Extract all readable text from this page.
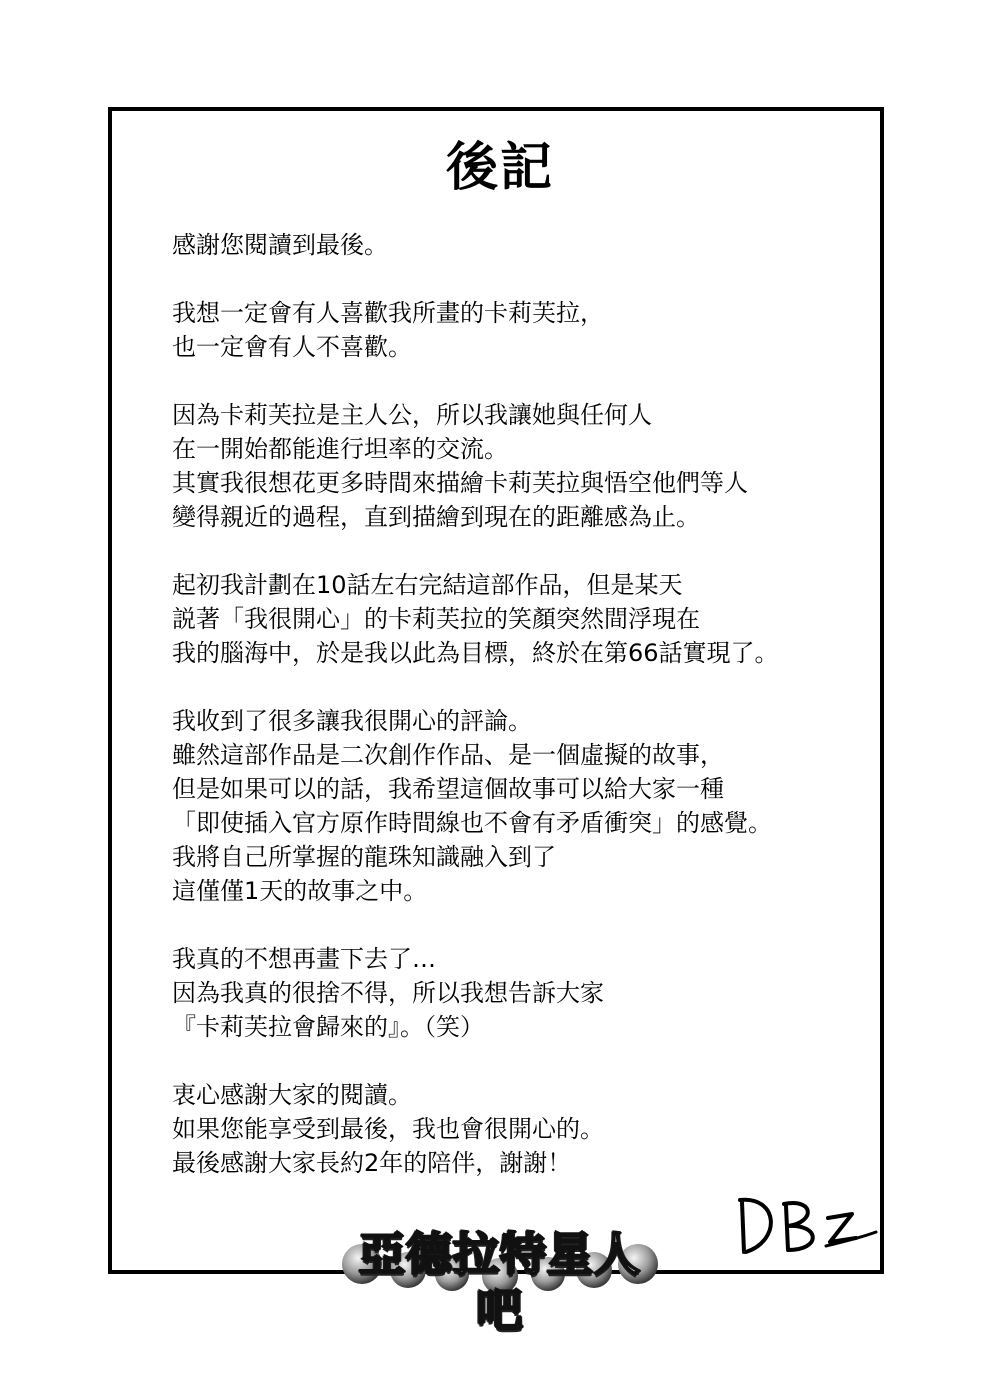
後記
感謝您閱讀到最後。
我想一定會有人喜歡我所畫的卡莉芙拉，
也一定會有人不喜歡。
因為卡莉芙拉是主人公，所以我讓她與任何人
在一開始都能進行坦率的交流。
其實我很想花更多時間來描繪卡莉芙拉與悟空他們等人
變得親近的過程，直到描繪到現在的距離感為止。
起初我計劃在10話左右完結這部作品，但是某天
説著「我很開心」的卡莉芙拉的笑顏突然間浮現在
我的腦海中，於是我以此為目標，終於在第66話實現了。
我收到了很多讓我很開心的評論。
雖然這部作品是二次創作作品、是一個虛擬的故事，
但是如果可以的話，我希望這個故事可以給大家一種
「即使插入官方原作時間線也不會有矛盾衝突」的感覺。
我將自己所掌握的龍珠知識融入到了
這僅僅1天的故事之中。
我真的不想再畫下去了…
因為我真的很捨不得，所以我想告訴大家
『卡莉芙拉會歸來的』。（笑）
衷心感謝大家的閱讀。
如果您能享受到最後，我也會很開心的。
最後感謝大家長約2年的陪伴，謝謝！
亞德拉特星人吧
